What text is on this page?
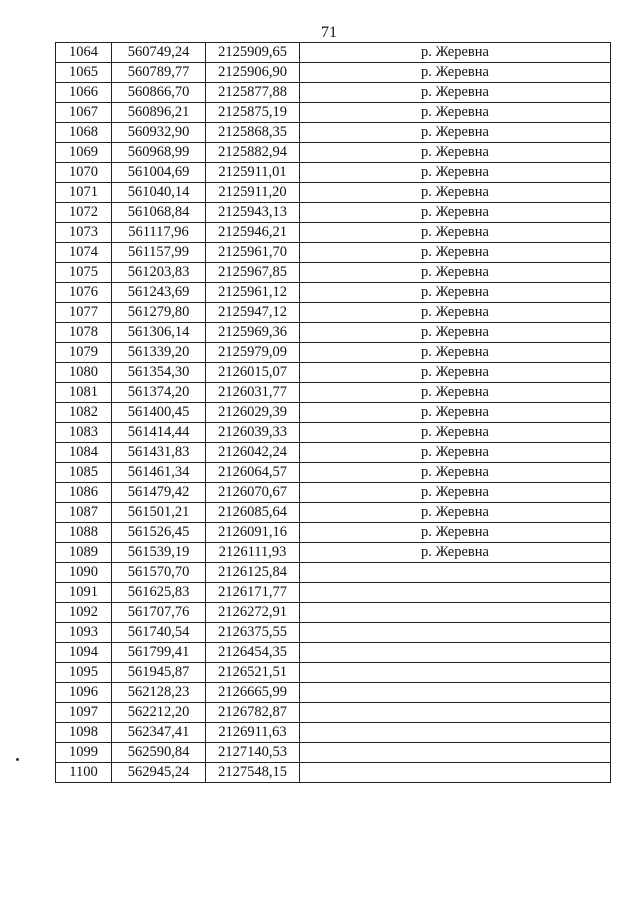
71
1064	560749,24	2125909,65	р. Жеревна
1065	560789,77	2125906,90	р. Жеревна
1066	560866,70	2125877,88	р. Жеревна
1067	560896,21	2125875,19	р. Жеревна
1068	560932,90	2125868,35	р. Жеревна
1069	560968,99	2125882,94	р. Жеревна
1070	561004,69	2125911,01	р. Жеревна
1071	561040,14	2125911,20	р. Жеревна
1072	561068,84	2125943,13	р. Жеревна
1073	561117,96	2125946,21	р. Жеревна
1074	561157,99	2125961,70	р. Жеревна
1075	561203,83	2125967,85	р. Жеревна
1076	561243,69	2125961,12	р. Жеревна
1077	561279,80	2125947,12	р. Жеревна
1078	561306,14	2125969,36	р. Жеревна
1079	561339,20	2125979,09	р. Жеревна
1080	561354,30	2126015,07	р. Жеревна
1081	561374,20	2126031,77	р. Жеревна
1082	561400,45	2126029,39	р. Жеревна
1083	561414,44	2126039,33	р. Жеревна
1084	561431,83	2126042,24	р. Жеревна
1085	561461,34	2126064,57	р. Жеревна
1086	561479,42	2126070,67	р. Жеревна
1087	561501,21	2126085,64	р. Жеревна
1088	561526,45	2126091,16	р. Жеревна
1089	561539,19	2126111,93	р. Жеревна
1090	561570,70	2126125,84	
1091	561625,83	2126171,77	
1092	561707,76	2126272,91	
1093	561740,54	2126375,55	
1094	561799,41	2126454,35	
1095	561945,87	2126521,51	
1096	562128,23	2126665,99	
1097	562212,20	2126782,87	
1098	562347,41	2126911,63	
1099	562590,84	2127140,53	
1100	562945,24	2127548,15	
